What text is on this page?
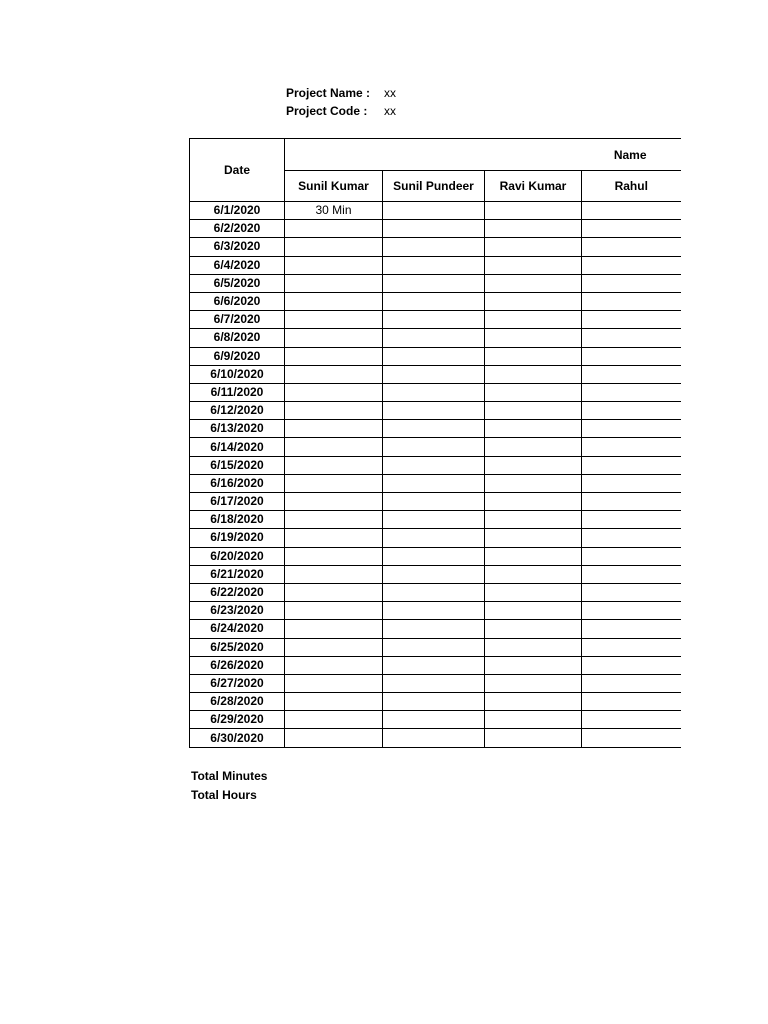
Project Name :	xx
Project Code :	xx
Date	Name			
	Sunil Kumar	Sunil Pundeer	Ravi Kumar	Rahul
6/1/2020	30 Min			
6/2/2020				
6/3/2020				
6/4/2020				
6/5/2020				
6/6/2020				
6/7/2020				
6/8/2020				
6/9/2020				
6/10/2020				
6/11/2020				
6/12/2020				
6/13/2020				
6/14/2020				
6/15/2020				
6/16/2020				
6/17/2020				
6/18/2020				
6/19/2020				
6/20/2020				
6/21/2020				
6/22/2020				
6/23/2020				
6/24/2020				
6/25/2020				
6/26/2020				
6/27/2020				
6/28/2020				
6/29/2020				
6/30/2020				
Total Minutes
Total Hours
